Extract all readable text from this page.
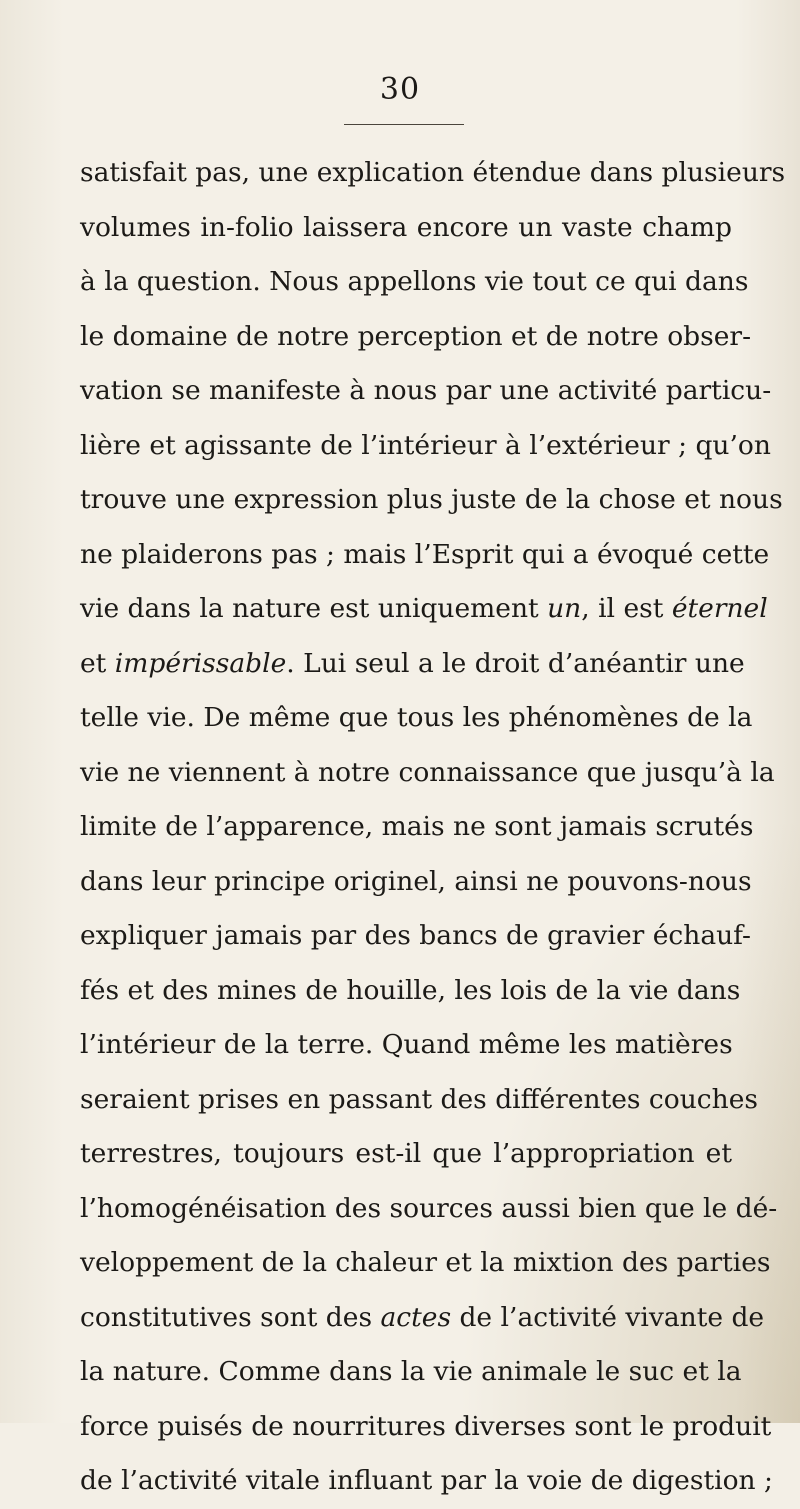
30
satisfait pas, une explication étendue dans plusieurs
volumes in-folio laissera encore un vaste champ
à la question. Nous appellons vie tout ce qui dans
le domaine de notre perception et de notre obser-
vation se manifeste à nous par une activité particu-
lière et agissante de l’intérieur à l’extérieur ; qu’on
trouve une expression plus juste de la chose et nous
ne plaiderons pas ; mais l’Esprit qui a évoqué cette
vie dans la nature est uniquement un, il est éternel
et impérissable. Lui seul a le droit d’anéantir une
telle vie. De même que tous les phénomènes de la
vie ne viennent à notre connaissance que jusqu’à la
limite de l’apparence, mais ne sont jamais scrutés
dans leur principe originel, ainsi ne pouvons-nous
expliquer jamais par des bancs de gravier échauf-
fés et des mines de houille, les lois de la vie dans
l’intérieur de la terre. Quand même les matières
seraient prises en passant des différentes couches
terrestres, toujours est-il que l’appropriation et
l’homogénéisation des sources aussi bien que le dé-
veloppement de la chaleur et la mixtion des parties
constitutives sont des actes de l’activité vivante de
la nature. Comme dans la vie animale le suc et la
force puisés de nourritures diverses sont le produit
de l’activité vitale influant par la voie de digestion ;
